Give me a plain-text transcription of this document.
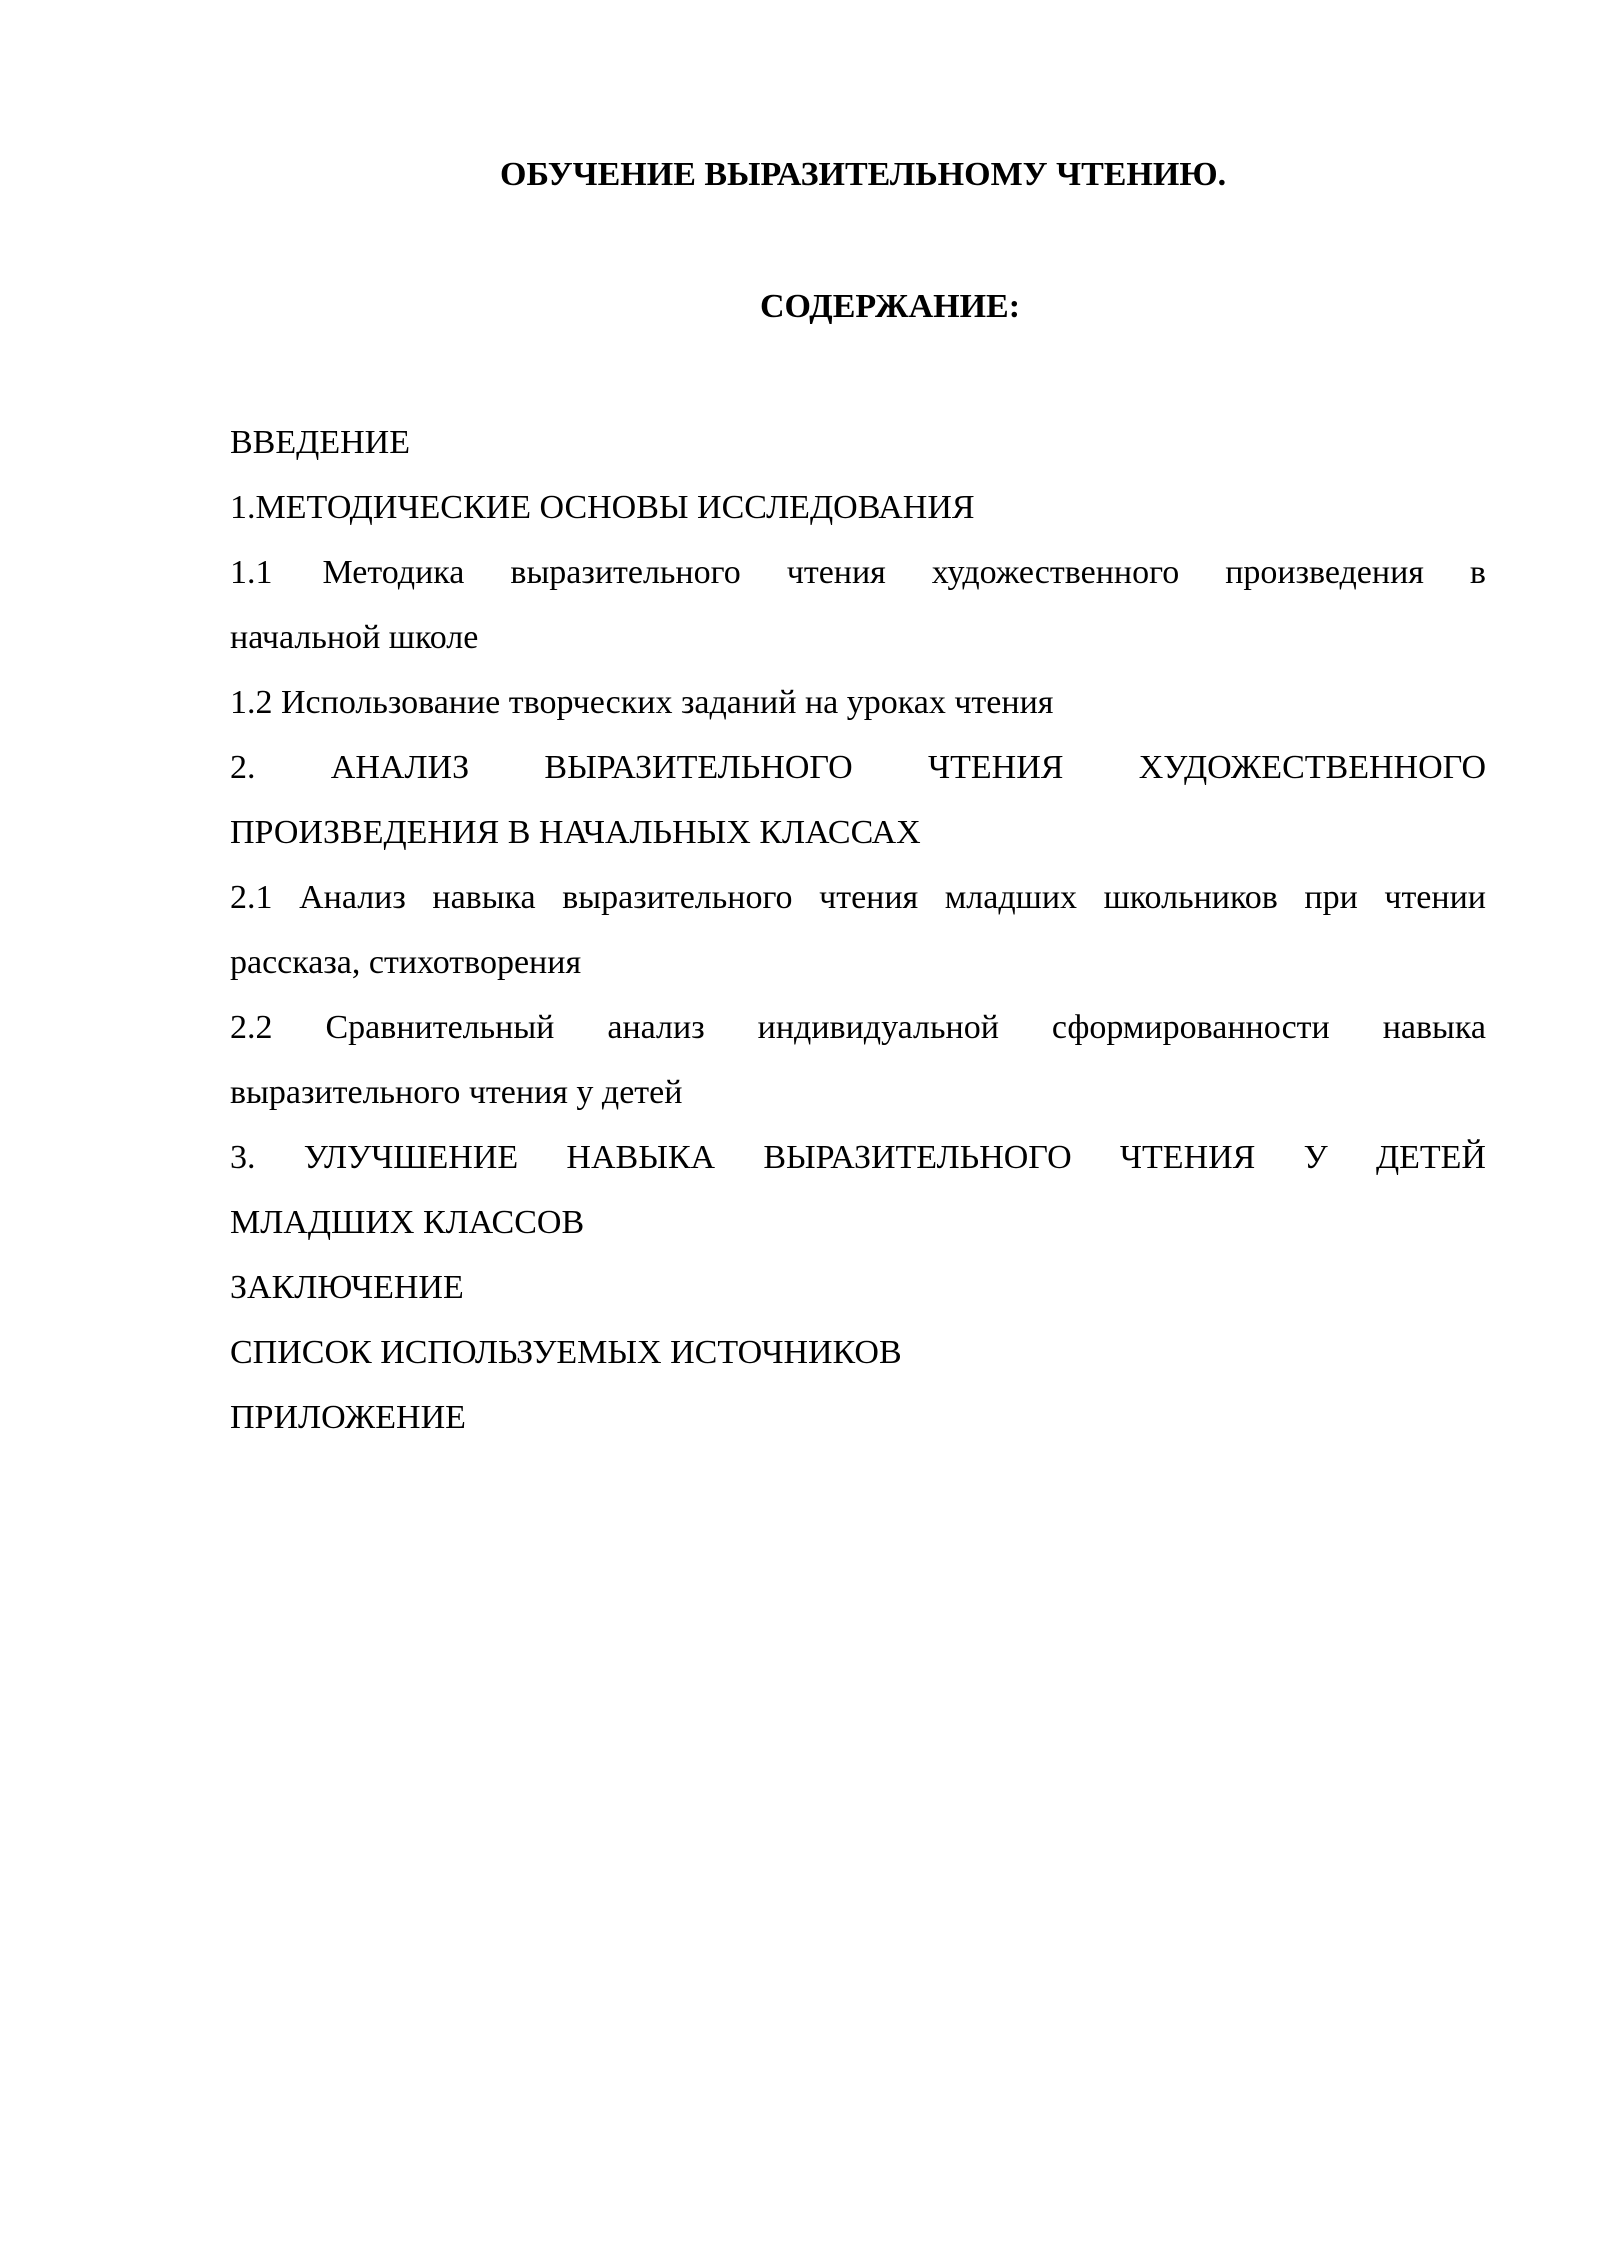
ОБУЧЕНИЕ ВЫРАЗИТЕЛЬНОМУ ЧТЕНИЮ.
СОДЕРЖАНИЕ:
ВВЕДЕНИЕ
1.МЕТОДИЧЕСКИЕ ОСНОВЫ ИССЛЕДОВАНИЯ
1.1 Методика выразительного чтения художественного произведения в
начальной школе
1.2 Использование творческих заданий на уроках чтения
2. АНАЛИЗ ВЫРАЗИТЕЛЬНОГО ЧТЕНИЯ ХУДОЖЕСТВЕННОГО
ПРОИЗВЕДЕНИЯ В НАЧАЛЬНЫХ КЛАССАХ
2.1 Анализ навыка выразительного чтения младших школьников при чтении
рассказа, стихотворения
2.2 Сравнительный анализ индивидуальной сформированности навыка
выразительного чтения у детей
3. УЛУЧШЕНИЕ НАВЫКА ВЫРАЗИТЕЛЬНОГО ЧТЕНИЯ У ДЕТЕЙ
МЛАДШИХ КЛАССОВ
ЗАКЛЮЧЕНИЕ
СПИСОК ИСПОЛЬЗУЕМЫХ ИСТОЧНИКОВ
ПРИЛОЖЕНИЕ
